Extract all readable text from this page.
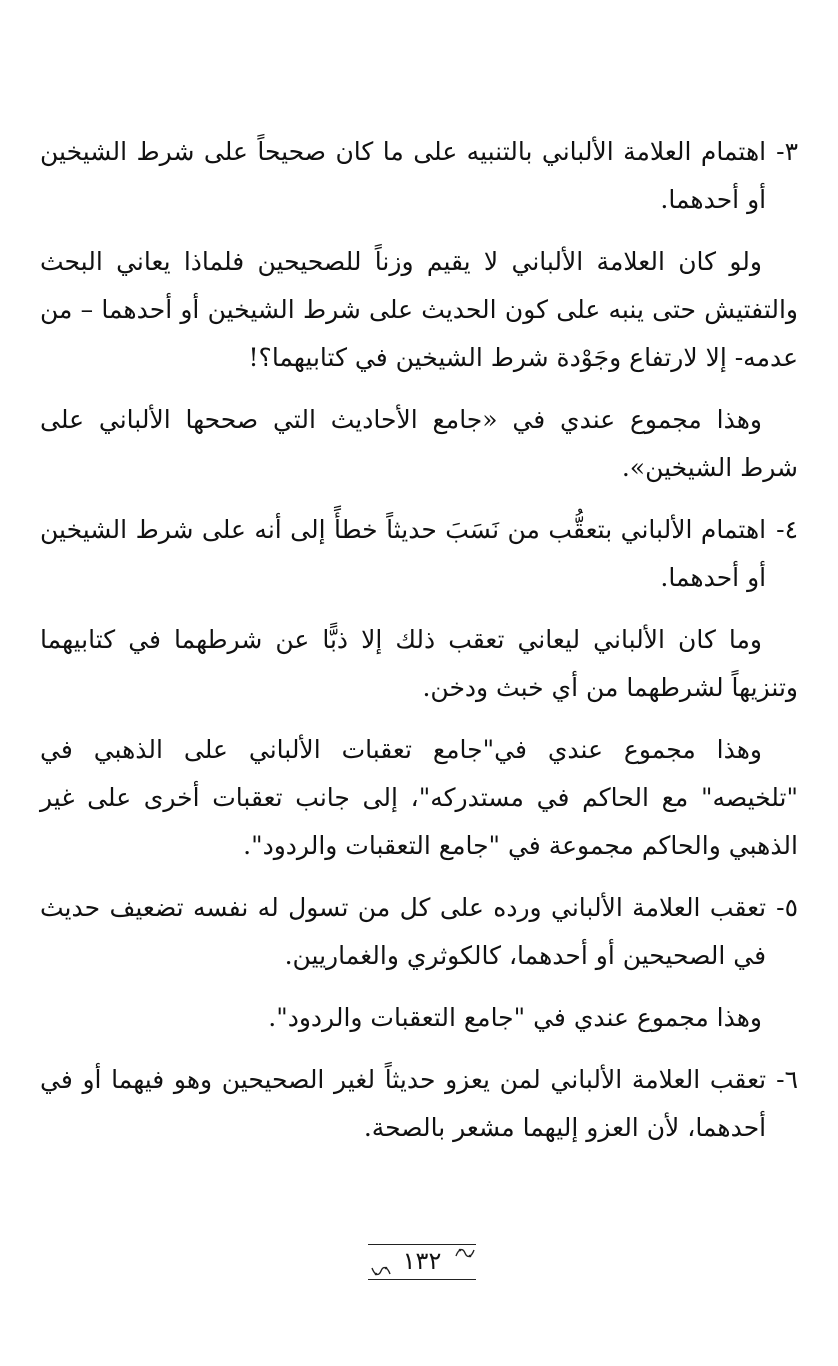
٣-
اهتمام العلامة الألباني بالتنبيه على ما كان صحيحاً على شرط الشيخين أو أحدهما.

ولو كان العلامة الألباني لا يقيم وزناً للصحيحين فلماذا يعاني البحث والتفتيش حتى ينبه على كون الحديث على شرط الشيخين أو أحدهما – من عدمه- إلا لارتفاع وجَوْدة شرط الشيخين في كتابيهما؟!

وهذا مجموع عندي في «جامع الأحاديث التي صححها الألباني على شرط الشيخين».

٤-
اهتمام الألباني بتعقُّب من نَسَبَ حديثاً خطأً إلى أنه على شرط الشيخين أو أحدهما.

وما كان الألباني ليعاني تعقب ذلك إلا ذبًّا عن شرطهما في كتابيهما وتنزيهاً لشرطهما من أي خبث ودخن.

وهذا مجموع عندي في"جامع تعقبات الألباني على الذهبي في "تلخيصه" مع الحاكم في مستدركه"، إلى جانب تعقبات أخرى على غير الذهبي والحاكم مجموعة في "جامع التعقبات والردود".

٥-
تعقب العلامة الألباني ورده على كل من تسول له نفسه تضعيف حديث في الصحيحين أو أحدهما، كالكوثري والغماريين.

وهذا مجموع عندي في "جامع التعقبات والردود".

٦-
تعقب العلامة الألباني لمن يعزو حديثاً لغير الصحيحين وهو فيهما أو في أحدهما، لأن العزو إليهما مشعر بالصحة.
١٣٢
